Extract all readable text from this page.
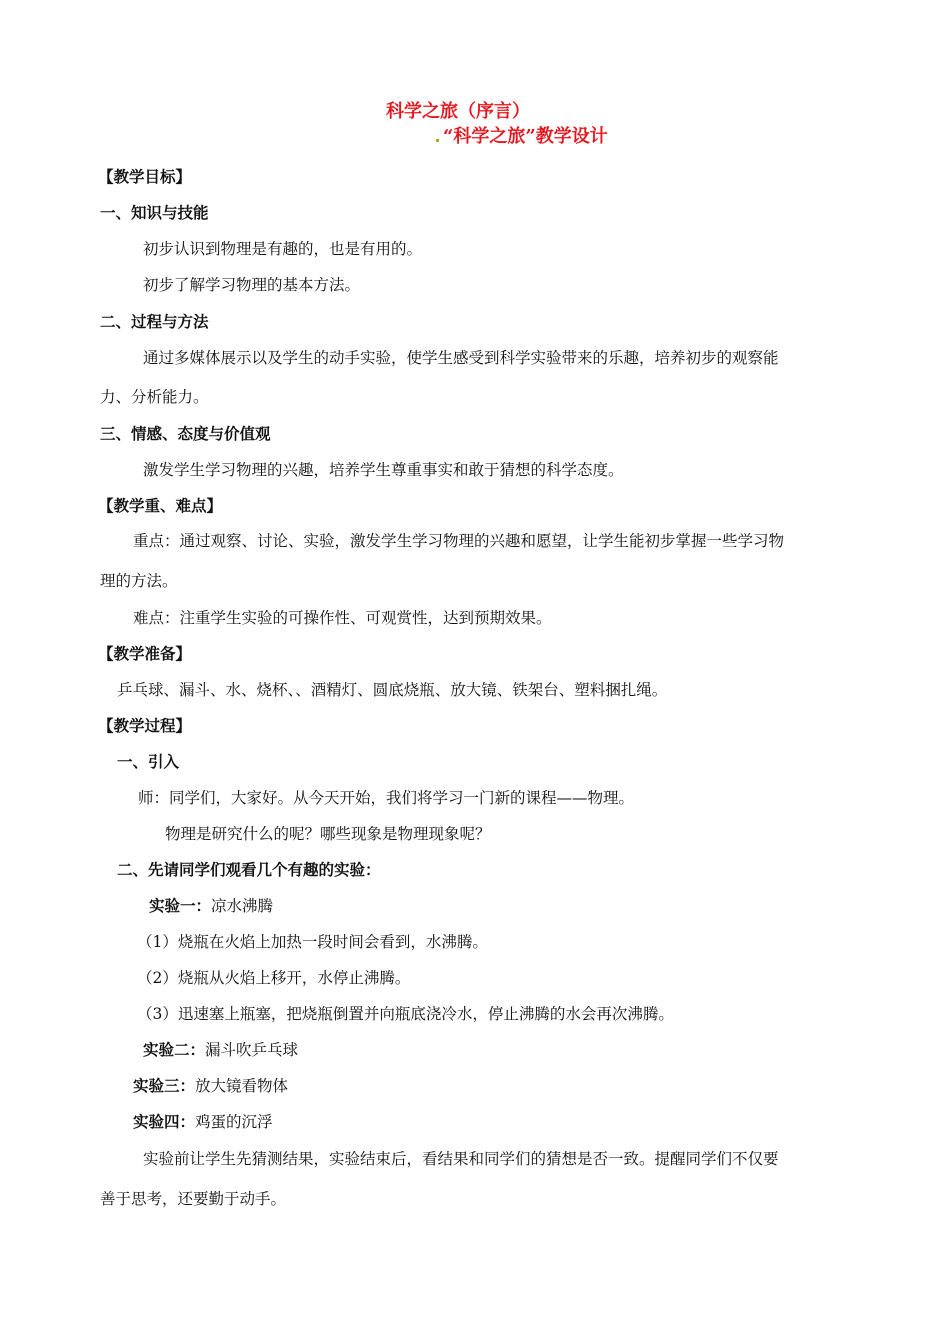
科学之旅（序言）
“科学之旅”教学设计
【教学目标】
一、知识与技能
初步认识到物理是有趣的，也是有用的。
初步了解学习物理的基本方法。
二、过程与方法
通过多媒体展示以及学生的动手实验，使学生感受到科学实验带来的乐趣，培养初步的观察能
力、分析能力。
三、情感、态度与价值观
激发学生学习物理的兴趣，培养学生尊重事实和敢于猜想的科学态度。
【教学重、难点】
重点：通过观察、讨论、实验，激发学生学习物理的兴趣和愿望，让学生能初步掌握一些学习物
理的方法。
难点：注重学生实验的可操作性、可观赏性，达到预期效果。
【教学准备】
乒乓球、漏斗、水、烧杯、、酒精灯、圆底烧瓶、放大镜、铁架台、塑料捆扎绳。
【教学过程】
一、引入
师：同学们，大家好。从今天开始，我们将学习一门新的课程——物理。
物理是研究什么的呢？哪些现象是物理现象呢？
二、先请同学们观看几个有趣的实验：
实验一：凉水沸腾
（1）烧瓶在火焰上加热一段时间会看到，水沸腾。
（2）烧瓶从火焰上移开，水停止沸腾。
（3）迅速塞上瓶塞，把烧瓶倒置并向瓶底浇冷水，停止沸腾的水会再次沸腾。
实验二：漏斗吹乒乓球
实验三：放大镜看物体
实验四：鸡蛋的沉浮
实验前让学生先猜测结果，实验结束后，看结果和同学们的猜想是否一致。提醒同学们不仅要
善于思考，还要勤于动手。
